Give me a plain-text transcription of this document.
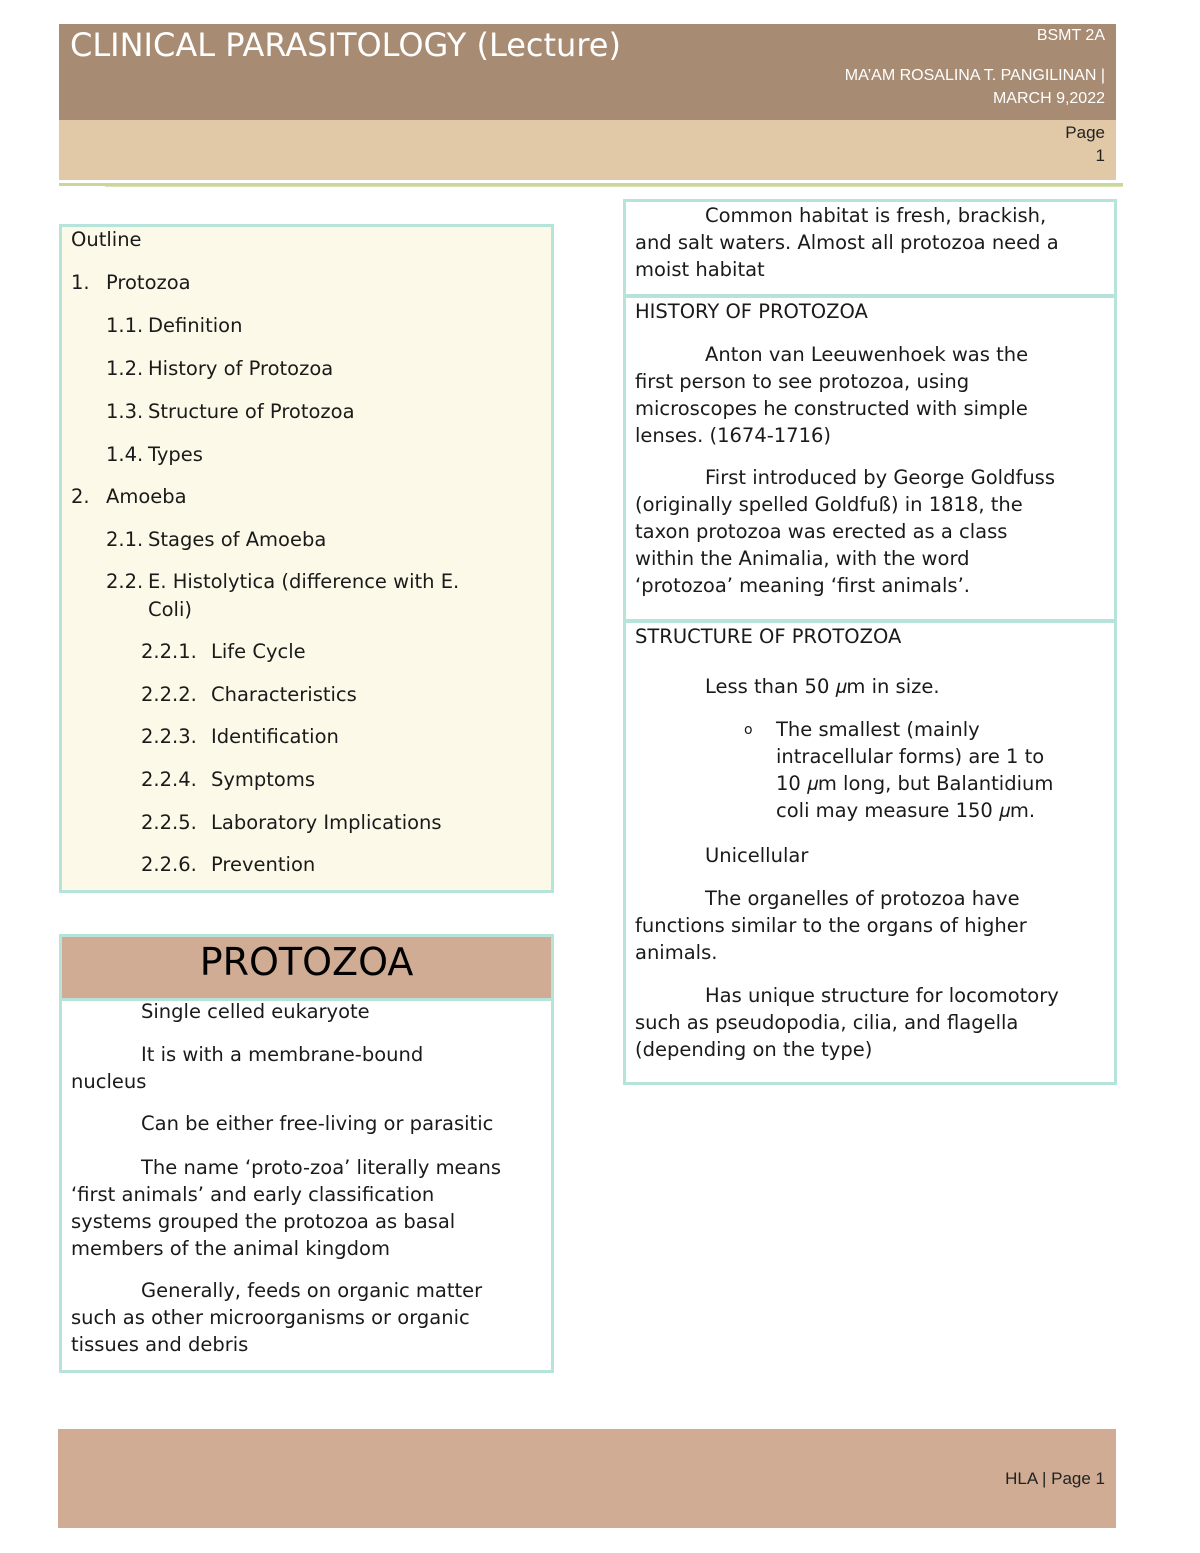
CLINICAL PARASITOLOGY (Lecture)	BSMT 2A
MA’AM ROSALINA T. PANGILINAN |
MARCH 9,2022
Page
1
Outline
1. Protozoa
1.1. Definition
1.2. History of Protozoa
1.3. Structure of Protozoa
1.4. Types
2. Amoeba
2.1. Stages of Amoeba
2.2. E. Histolytica (difference with E.
Coli)
2.2.1. Life Cycle
2.2.2. Characteristics
2.2.3. Identification
2.2.4. Symptoms
2.2.5. Laboratory Implications
2.2.6. Prevention
PROTOZOA
Single celled eukaryote
It is with a membrane-bound
nucleus
Can be either free-living or parasitic
The name ‘proto-zoa’ literally means
‘first animals’ and early classification
systems grouped the protozoa as basal
members of the animal kingdom
Generally, feeds on organic matter
such as other microorganisms or organic
tissues and debris
Common habitat is fresh, brackish,
and salt waters. Almost all protozoa need a
moist habitat
HISTORY OF PROTOZOA
Anton van Leeuwenhoek was the
first person to see protozoa, using
microscopes he constructed with simple
lenses. (1674-1716)
First introduced by George Goldfuss
(originally spelled Goldfuß) in 1818, the
taxon protozoa was erected as a class
within the Animalia, with the word
‘protozoa’ meaning ‘first animals’.
STRUCTURE OF PROTOZOA
Less than 50 𝜇m in size.
o	The smallest (mainly
intracellular forms) are 1 to
10 𝜇m long, but Balantidium
coli may measure 150 𝜇m.
Unicellular
The organelles of protozoa have
functions similar to the organs of higher
animals.
Has unique structure for locomotory
such as pseudopodia, cilia, and flagella
(depending on the type)
HLA | Page 1
